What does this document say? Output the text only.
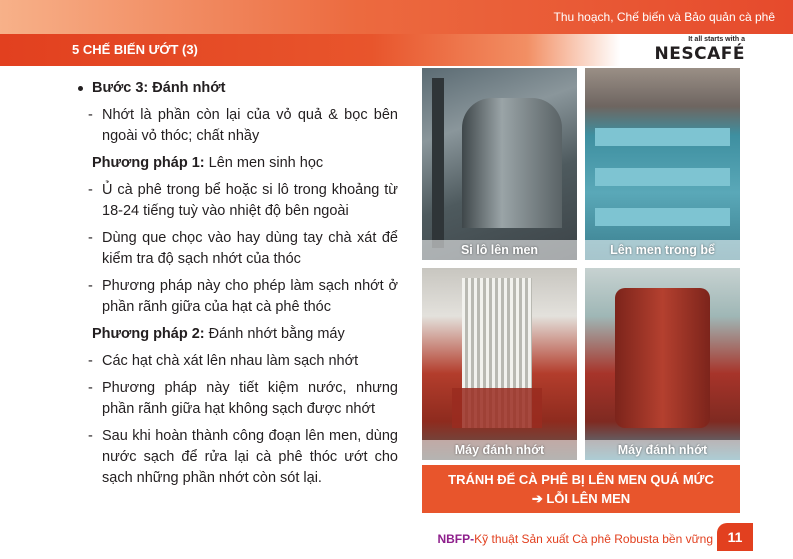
Thu hoạch, Chế biến và Bảo quản cà phê
5 CHẾ BIẾN ƯỚT (3)
It all starts with a
NESCAFÉ
Bước 3: Đánh nhớt
- Nhớt là phần còn lại của vỏ quả & bọc bên ngoài vỏ thóc; chất nhầy
Phương pháp 1: Lên men sinh học
- Ủ cà phê trong bể hoặc si lô trong khoảng từ 18-24 tiếng tuỳ vào nhiệt độ bên ngoài
- Dùng que chọc vào hay dùng tay chà xát để kiểm tra độ sạch nhớt của thóc
- Phương pháp này cho phép làm sạch nhớt ở phần rãnh giữa của hạt cà phê thóc
Phương pháp 2: Đánh nhớt bằng máy
- Các hạt chà xát lên nhau làm sạch nhớt
- Phương pháp này tiết kiệm nước, nhưng phần rãnh giữa hạt không sạch được nhớt
- Sau khi hoàn thành công đoạn lên men, dùng nước sạch để rửa lại cà phê thóc ướt cho sạch những phần nhớt còn sót lại.
Si lô lên men	Lên men trong bể
Máy đánh nhớt	Máy đánh nhớt
TRÁNH ĐỂ CÀ PHÊ BỊ LÊN MEN QUÁ MỨC
➔ LỖI LÊN MEN
NBFP-Kỹ thuật Sản xuất Cà phê Robusta bền vững	11
